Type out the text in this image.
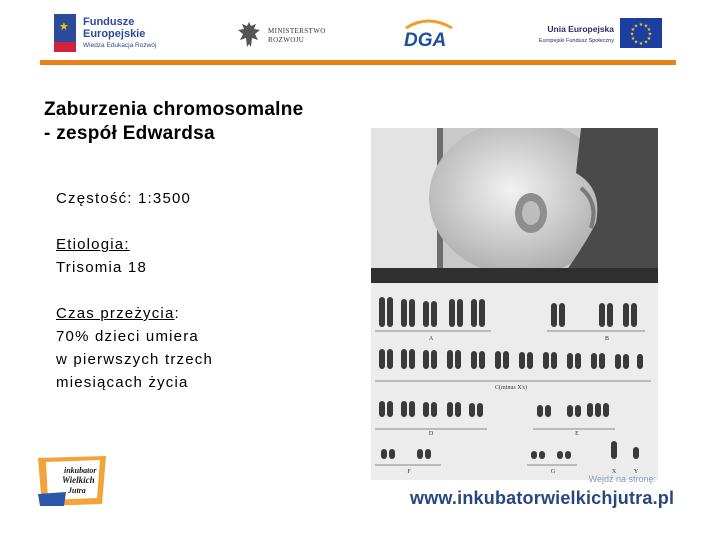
★ Fundusze
Europejskie
Wiedza Edukacja Rozwój
MINISTERSTWO
ROZWOJU	DGA
Unia Europejska
Europejski Fundusz Społeczny
★ ★
★
★
★
★
★
★
★
★
★
★
Zaburzenia chromosomalne
- zespół Edwardsa
Częstość: 1:3500
Etiologia:
Trisomia 18
Czas przeżycia:
70% dzieci umiera
w pierwszych trzech
miesiącach życia
A	B
C(minus X's)
D	E
F	G	X	Y
inkubator
Wielkich
Jutra
Wejdź na stronę:
www.inkubatorwielkichjutra.pl
